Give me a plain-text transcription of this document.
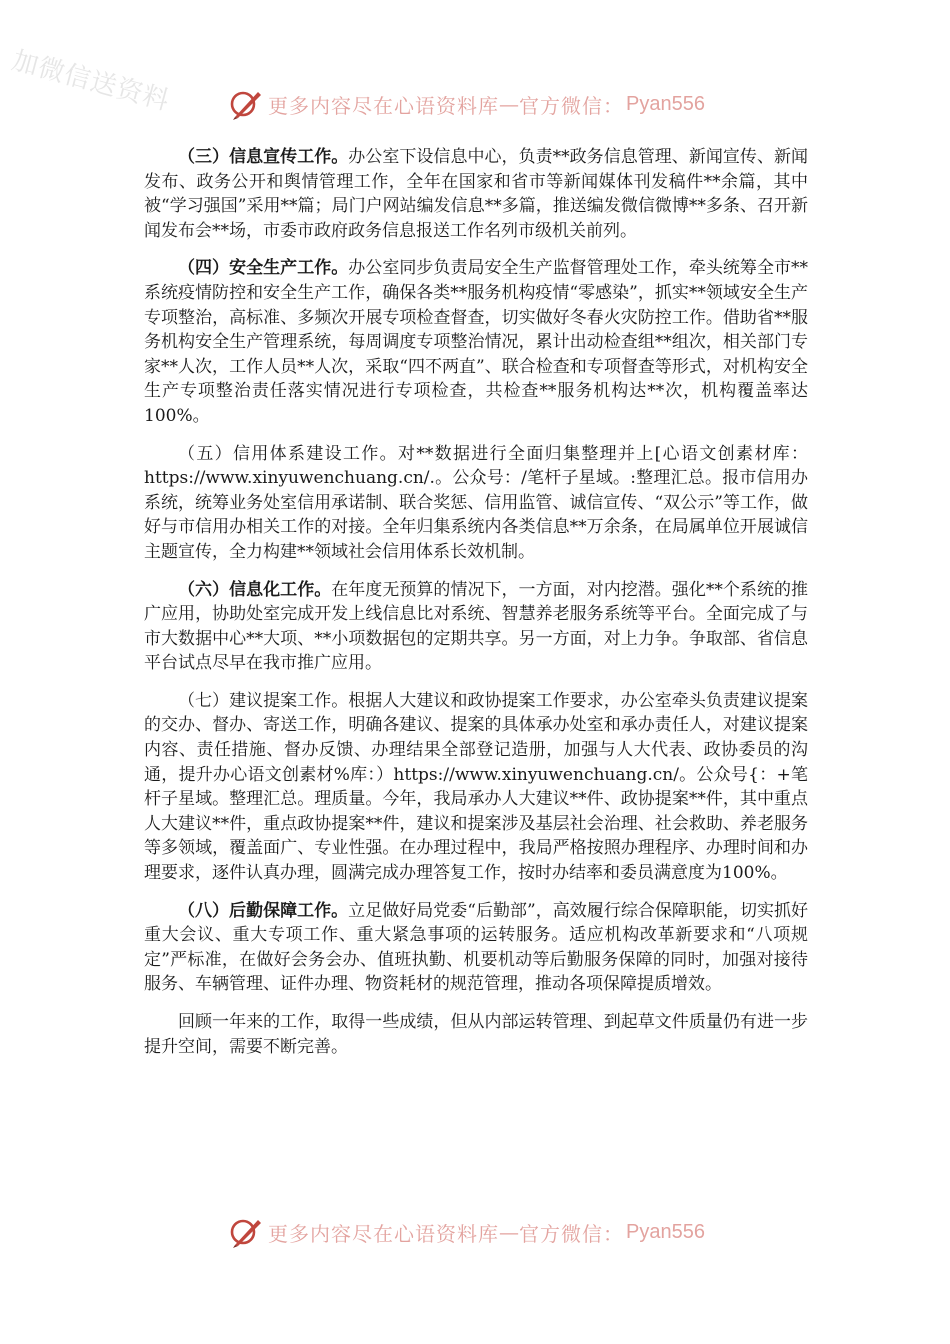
加微信送资料	更多内容尽在心语资料库 — 官方微信： Pyan556

（三）信息宣传工作。办公室下设信息中心，负责**政务信息管理、新闻宣传、新闻发布、政务公开和舆情管理工作，全年在国家和省市等新闻媒体刊发稿件**余篇，其中被“学习强国”采用**篇；局门户网站编发信息**多篇，推送编发微信微博**多条、召开新闻发布会**场，市委市政府政务信息报送工作名列市级机关前列。

（四）安全生产工作。办公室同步负责局安全生产监督管理处工作，牵头统筹全市**系统疫情防控和安全生产工作，确保各类**服务机构疫情“零感染”，抓实**领域安全生产专项整治，高标准、多频次开展专项检查督查，切实做好冬春火灾防控工作。借助省**服务机构安全生产管理系统，每周调度专项整治情况，累计出动检查组**组次，相关部门专家**人次，工作人员**人次，采取“四不两直”、联合检查和专项督查等形式，对机构安全生产专项整治责任落实情况进行专项检查，共检查**服务机构达**次，机构覆盖率达100%。

（五）信用体系建设工作。对**数据进行全面归集整理并上[心语文创素材库：https://www.xinyuwenchuang.cn/.。公众号：/笔杆子星域。:整理汇总。报市信用办系统，统筹业务处室信用承诺制、联合奖惩、信用监管、诚信宣传、“双公示”等工作，做好与市信用办相关工作的对接。全年归集系统内各类信息**万余条，在局属单位开展诚信主题宣传，全力构建**领域社会信用体系长效机制。

（六）信息化工作。在年度无预算的情况下，一方面，对内挖潜。强化**个系统的推广应用，协助处室完成开发上线信息比对系统、智慧养老服务系统等平台。全面完成了与市大数据中心**大项、**小项数据包的定期共享。另一方面，对上力争。争取部、省信息平台试点尽早在我市推广应用。

（七）建议提案工作。根据人大建议和政协提案工作要求，办公室牵头负责建议提案的交办、督办、寄送工作，明确各建议、提案的具体承办处室和承办责任人，对建议提案内容、责任措施、督办反馈、办理结果全部登记造册，加强与人大代表、政协委员的沟通，提升办心语文创素材%库：）https://www.xinyuwenchuang.cn/。公众号{：+笔杆子星域。整理汇总。理质量。今年，我局承办人大建议**件、政协提案**件，其中重点人大建议**件，重点政协提案**件，建议和提案涉及基层社会治理、社会救助、养老服务等多领域，覆盖面广、专业性强。在办理过程中，我局严格按照办理程序、办理时间和办理要求，逐件认真办理，圆满完成办理答复工作，按时办结率和委员满意度为100%。

（八）后勤保障工作。立足做好局党委“后勤部”，高效履行综合保障职能，切实抓好重大会议、重大专项工作、重大紧急事项的运转服务。适应机构改革新要求和“八项规定”严标准，在做好会务会办、值班执勤、机要机动等后勤服务保障的同时，加强对接待服务、车辆管理、证件办理、物资耗材的规范管理，推动各项保障提质增效。

回顾一年来的工作，取得一些成绩，但从内部运转管理、到起草文件质量仍有进一步提升空间，需要不断完善。

更多内容尽在心语资料库 — 官方微信： Pyan556
